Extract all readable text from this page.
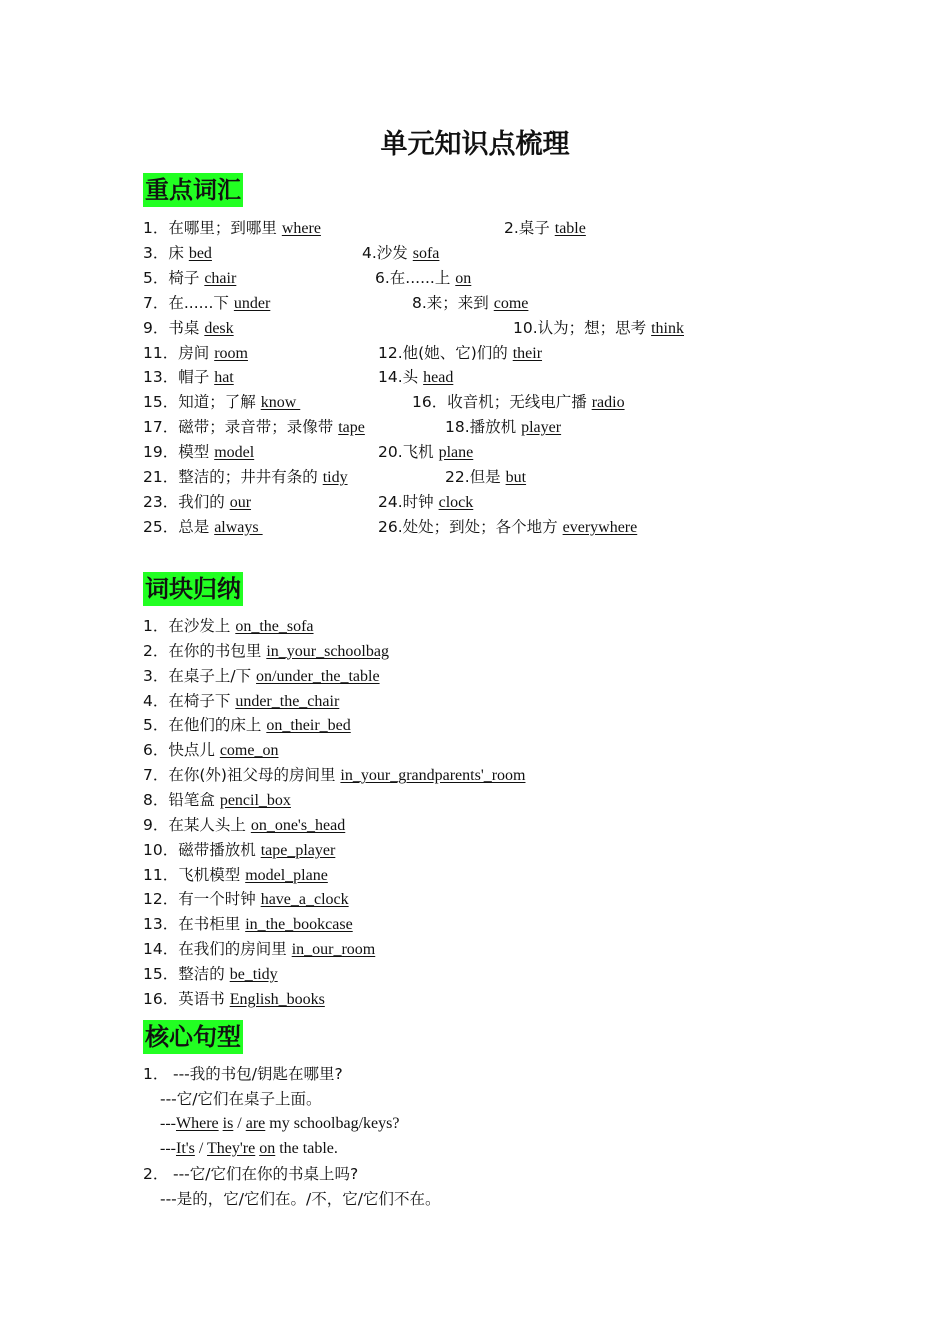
单元知识点梳理
重点词汇
1．在哪里；到哪里 where	2.桌子 table
3．床 bed	4.沙发 sofa
5．椅子 chair	6.在......上 on
7．在......下 under	8.来；来到 come
9．书桌 desk	10.认为；想；思考 think
11．房间 room	12.他(她、它)们的 their
13．帽子 hat	14.头 head
15．知道；了解 know	16．收音机；无线电广播 radio
17．磁带；录音带；录像带 tape	18.播放机 player
19．模型 model	20.飞机 plane
21．整洁的；井井有条的 tidy	22.但是 but
23．我们的 our	24.时钟 clock
25．总是 always	26.处处；到处；各个地方 everywhere
词块归纳
1．在沙发上 on_the_sofa
2．在你的书包里 in_your_schoolbag
3．在桌子上/下 on/under_the_table
4．在椅子下 under_the_chair
5．在他们的床上 on_their_bed
6．快点儿 come_on
7．在你(外)祖父母的房间里 in_your_grandparents'_room
8．铅笔盒 pencil_box
9．在某人头上 on_one's_head
10．磁带播放机 tape_player
11．飞机模型 model_plane
12．有一个时钟 have_a_clock
13．在书柜里 in_the_bookcase
14．在我们的房间里 in_our_room
15．整洁的 be_tidy
16．英语书 English_books
核心句型
1． ---我的书包/钥匙在哪里?
---它/它们在桌子上面。
---Where is / are my schoolbag/keys?
---It's / They're on the table.
2． ---它/它们在你的书桌上吗?
---是的，它/它们在。/不，它/它们不在。
